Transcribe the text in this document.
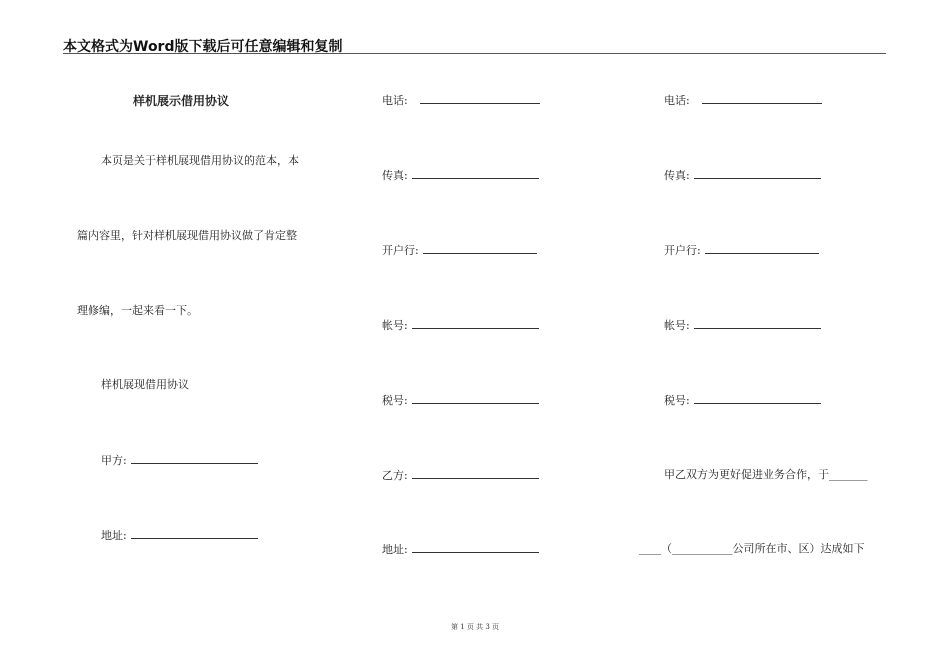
本文格式为Word版下载后可任意编辑和复制
样机展示借用协议
本页是关于样机展现借用协议的范本，本
篇内容里，针对样机展现借用协议做了肯定整
理修编，一起来看一下。
样机展现借用协议
甲方:
地址:
电话:
传真:
开户行:
帐号:
税号:
乙方:
地址:
电话:
传真:
开户行:
帐号:
税号:
甲乙双方为更好促进业务合作，于_______
____（___________公司所在市、区）达成如下
第 1 页 共 3 页
